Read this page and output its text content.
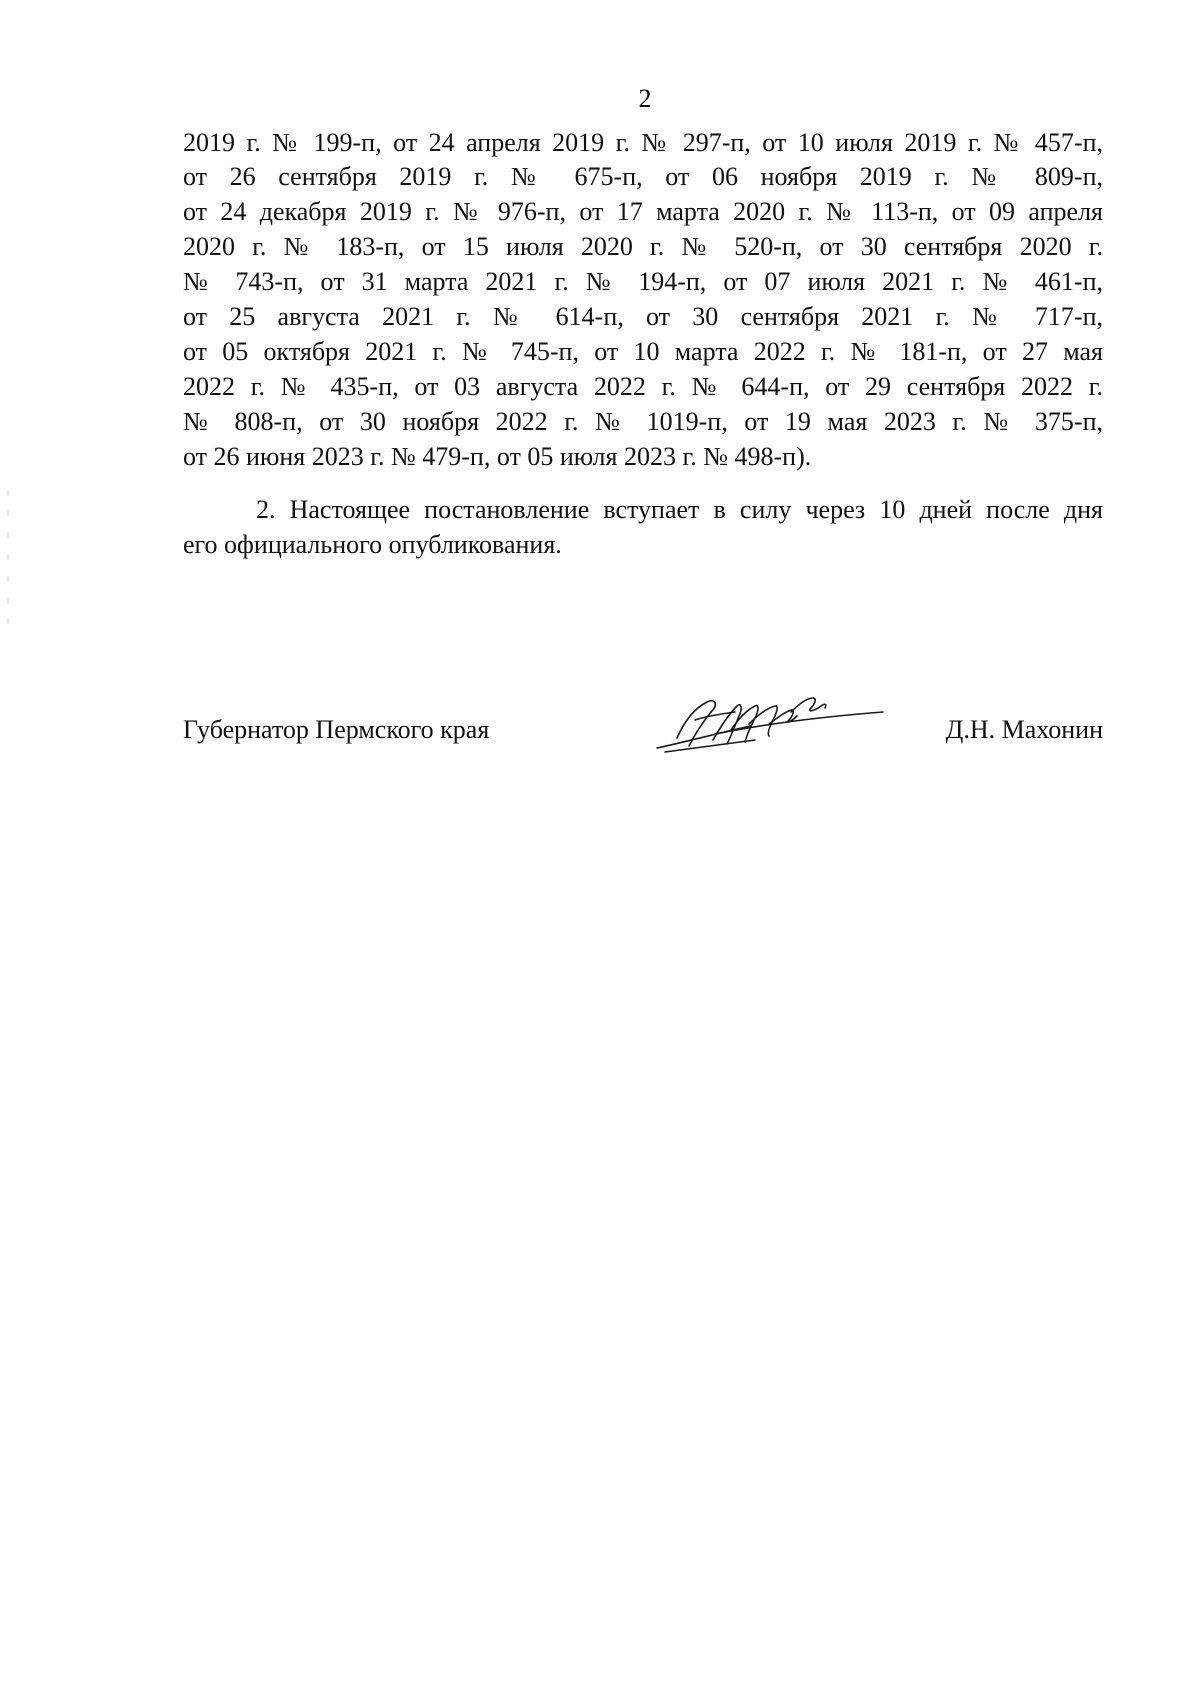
2
2019 г. № 199-п, от 24 апреля 2019 г. № 297-п, от 10 июля 2019 г. № 457-п,
от 26 сентября 2019 г. № 675-п, от 06 ноября 2019 г. № 809-п,
от 24 декабря 2019 г. № 976-п, от 17 марта 2020 г. № 113-п, от 09 апреля
2020 г. № 183-п, от 15 июля 2020 г. № 520-п, от 30 сентября 2020 г.
№ 743-п, от 31 марта 2021 г. № 194-п, от 07 июля 2021 г. № 461-п,
от 25 августа 2021 г. № 614-п, от 30 сентября 2021 г. № 717-п,
от 05 октября 2021 г. № 745-п, от 10 марта 2022 г. № 181-п, от 27 мая
2022 г. № 435-п, от 03 августа 2022 г. № 644-п, от 29 сентября 2022 г.
№ 808-п, от 30 ноября 2022 г. № 1019-п, от 19 мая 2023 г. № 375-п,
от 26 июня 2023 г. № 479-п, от 05 июля 2023 г. № 498-п).
2. Настоящее постановление вступает в силу через 10 дней после дня
его официального опубликования.
Губернатор Пермского края	Д.Н. Махонин
